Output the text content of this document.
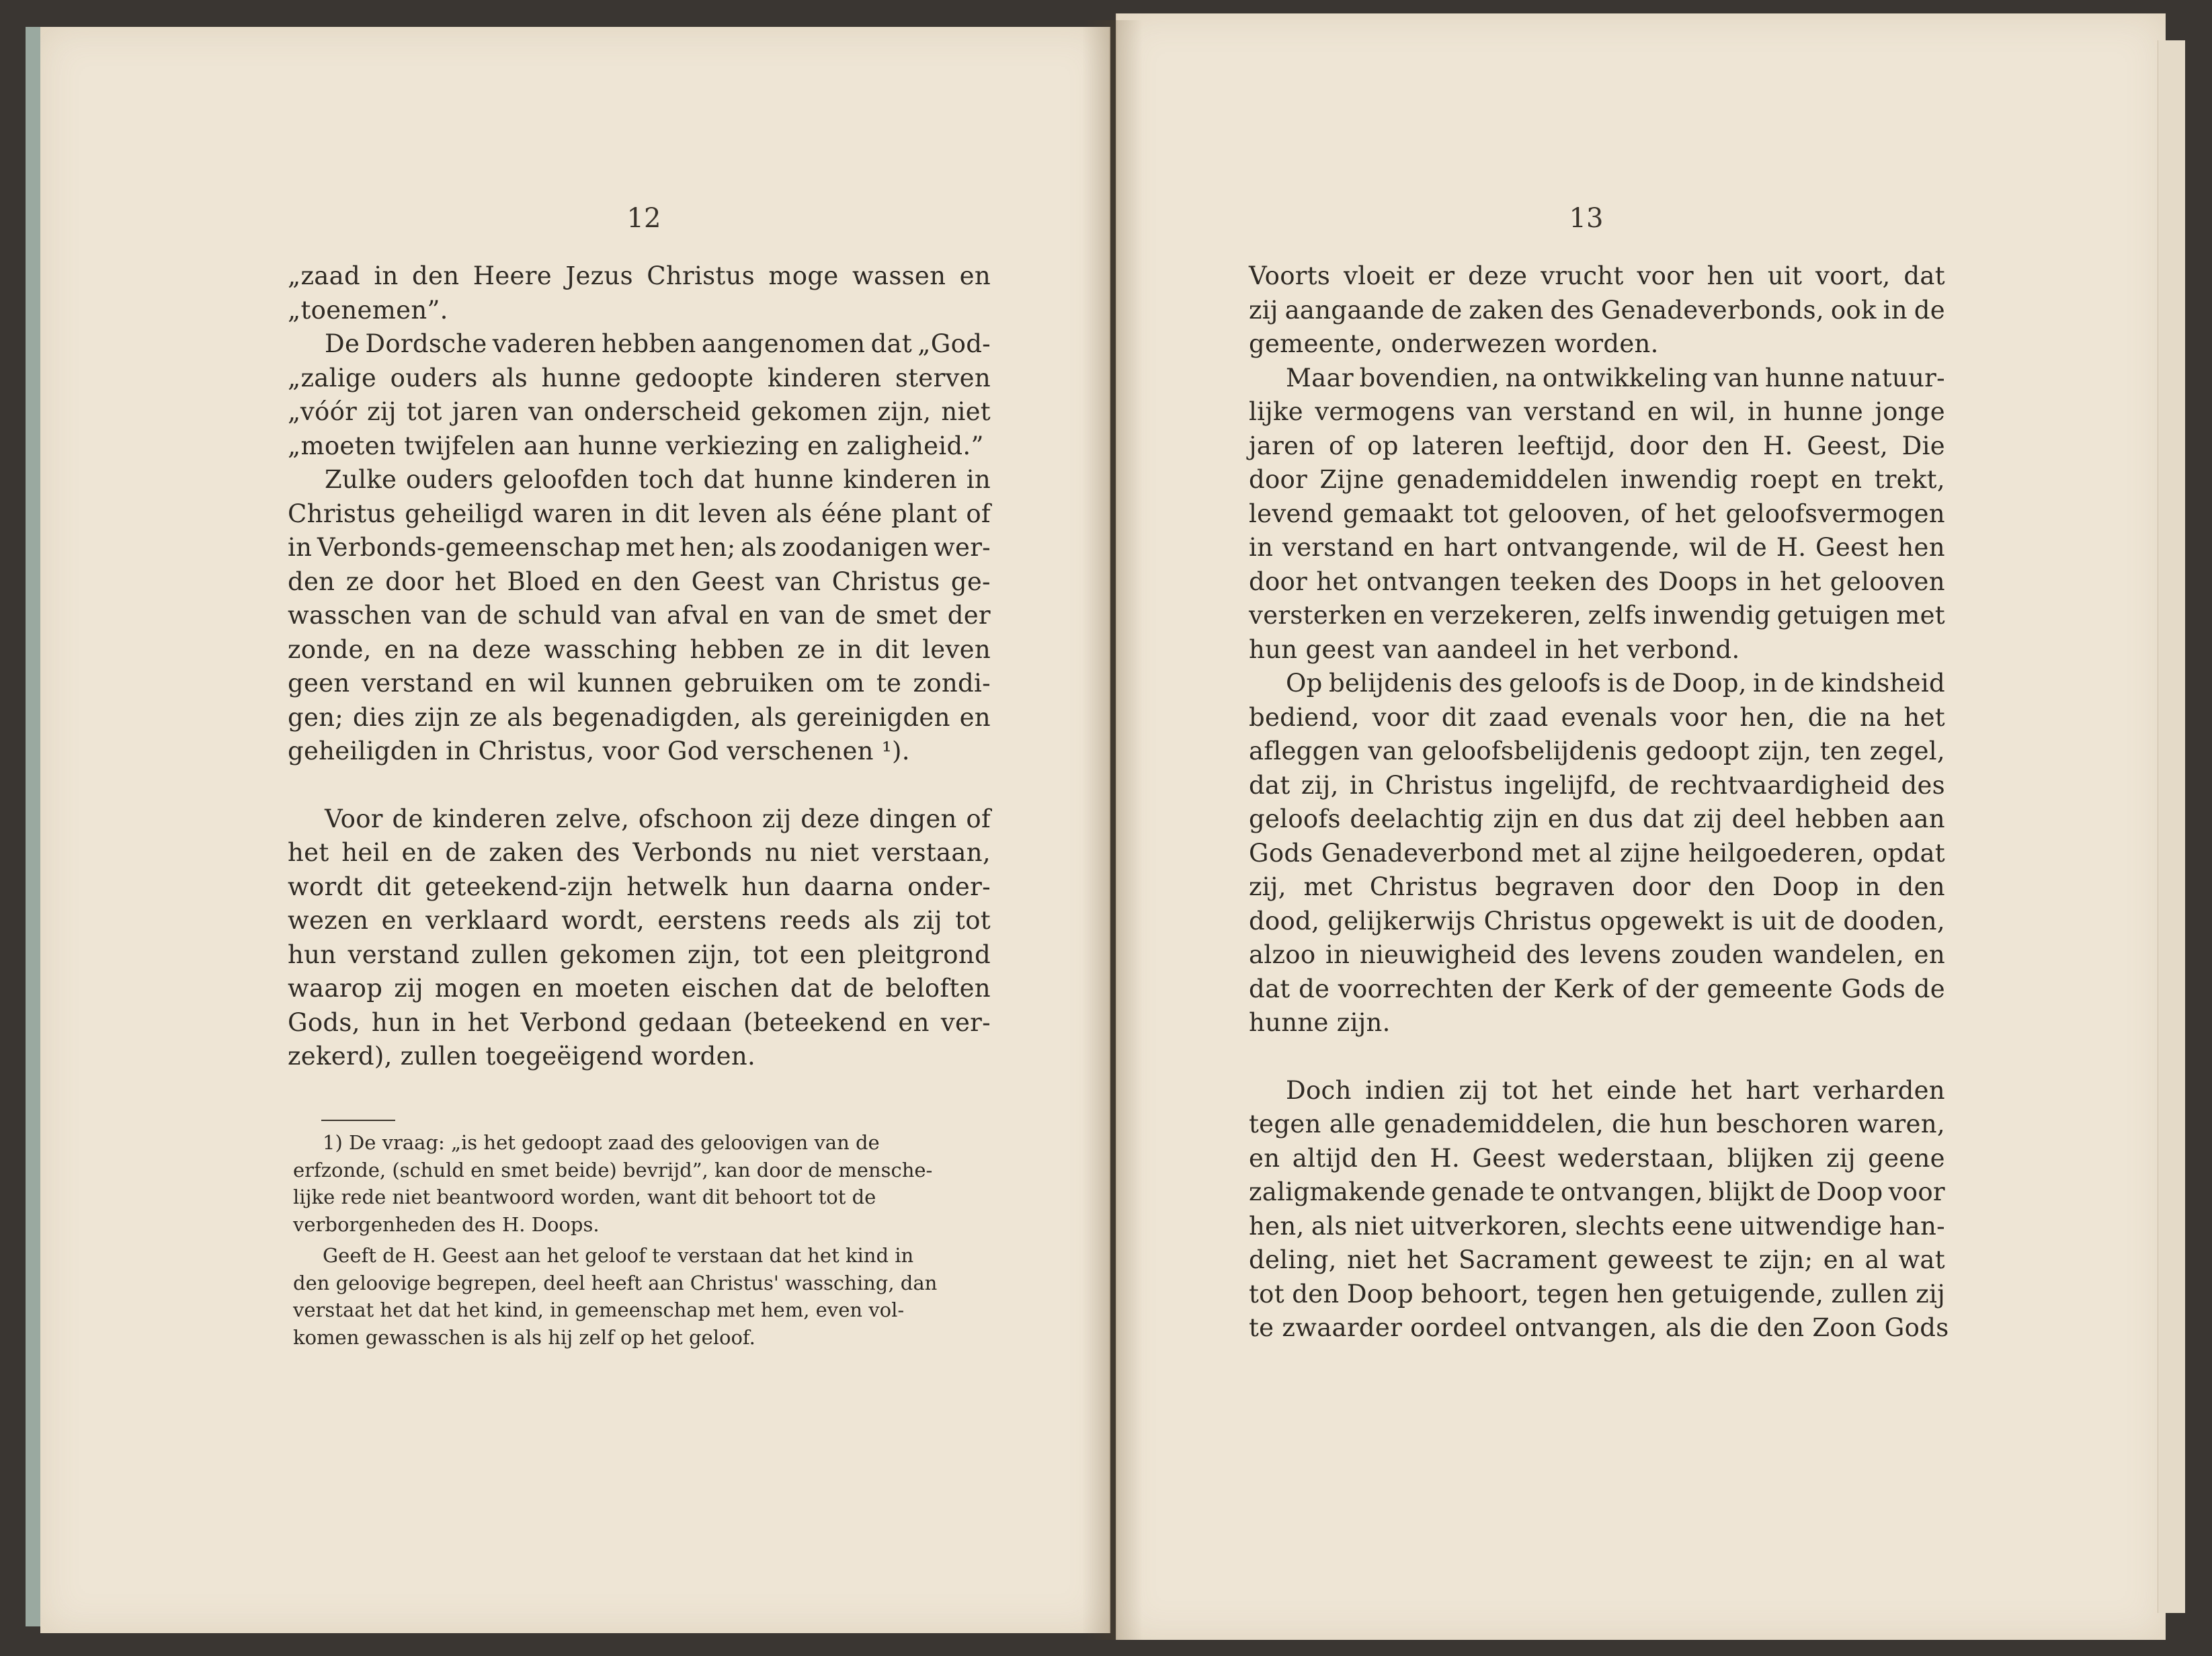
12	13
„zaad in den Heere Jezus Christus moge wassen en
„toenemen”.
De Dordsche vaderen hebben aangenomen dat „God-
„zalige ouders als hunne gedoopte kinderen sterven
„vóór zij tot jaren van onderscheid gekomen zijn, niet
„moeten twijfelen aan hunne verkiezing en zaligheid.”
Zulke ouders geloofden toch dat hunne kinderen in
Christus geheiligd waren in dit leven als ééne plant of
in Verbonds-gemeenschap met hen; als zoodanigen wer-
den ze door het Bloed en den Geest van Christus ge-
wasschen van de schuld van afval en van de smet der
zonde, en na deze wassching hebben ze in dit leven
geen verstand en wil kunnen gebruiken om te zondi-
gen; dies zijn ze als begenadigden, als gereinigden en
geheiligden in Christus, voor God verschenen ¹).
Voor de kinderen zelve, ofschoon zij deze dingen of
het heil en de zaken des Verbonds nu niet verstaan,
wordt dit geteekend-zijn hetwelk hun daarna onder-
wezen en verklaard wordt, eerstens reeds als zij tot
hun verstand zullen gekomen zijn, tot een pleitgrond
waarop zij mogen en moeten eischen dat de beloften
Gods, hun in het Verbond gedaan (beteekend en ver-
zekerd), zullen toegeëigend worden.
1) De vraag: „is het gedoopt zaad des geloovigen van de
erfzonde, (schuld en smet beide) bevrijd”, kan door de mensche-
lijke rede niet beantwoord worden, want dit behoort tot de
verborgenheden des H. Doops.
Geeft de H. Geest aan het geloof te verstaan dat het kind in
den geloovige begrepen, deel heeft aan Christus' wassching, dan
verstaat het dat het kind, in gemeenschap met hem, even vol-
komen gewasschen is als hij zelf op het geloof.
Voorts vloeit er deze vrucht voor hen uit voort, dat
zij aangaande de zaken des Genadeverbonds, ook in de
gemeente, onderwezen worden.
Maar bovendien, na ontwikkeling van hunne natuur-
lijke vermogens van verstand en wil, in hunne jonge
jaren of op lateren leeftijd, door den H. Geest, Die
door Zijne genademiddelen inwendig roept en trekt,
levend gemaakt tot gelooven, of het geloofsvermogen
in verstand en hart ontvangende, wil de H. Geest hen
door het ontvangen teeken des Doops in het gelooven
versterken en verzekeren, zelfs inwendig getuigen met
hun geest van aandeel in het verbond.
Op belijdenis des geloofs is de Doop, in de kindsheid
bediend, voor dit zaad evenals voor hen, die na het
afleggen van geloofsbelijdenis gedoopt zijn, ten zegel,
dat zij, in Christus ingelijfd, de rechtvaardigheid des
geloofs deelachtig zijn en dus dat zij deel hebben aan
Gods Genadeverbond met al zijne heilgoederen, opdat
zij, met Christus begraven door den Doop in den
dood, gelijkerwijs Christus opgewekt is uit de dooden,
alzoo in nieuwigheid des levens zouden wandelen, en
dat de voorrechten der Kerk of der gemeente Gods de
hunne zijn.
Doch indien zij tot het einde het hart verharden
tegen alle genademiddelen, die hun beschoren waren,
en altijd den H. Geest wederstaan, blijken zij geene
zaligmakende genade te ontvangen, blijkt de Doop voor
hen, als niet uitverkoren, slechts eene uitwendige han-
deling, niet het Sacrament geweest te zijn; en al wat
tot den Doop behoort, tegen hen getuigende, zullen zij
te zwaarder oordeel ontvangen, als die den Zoon Gods
